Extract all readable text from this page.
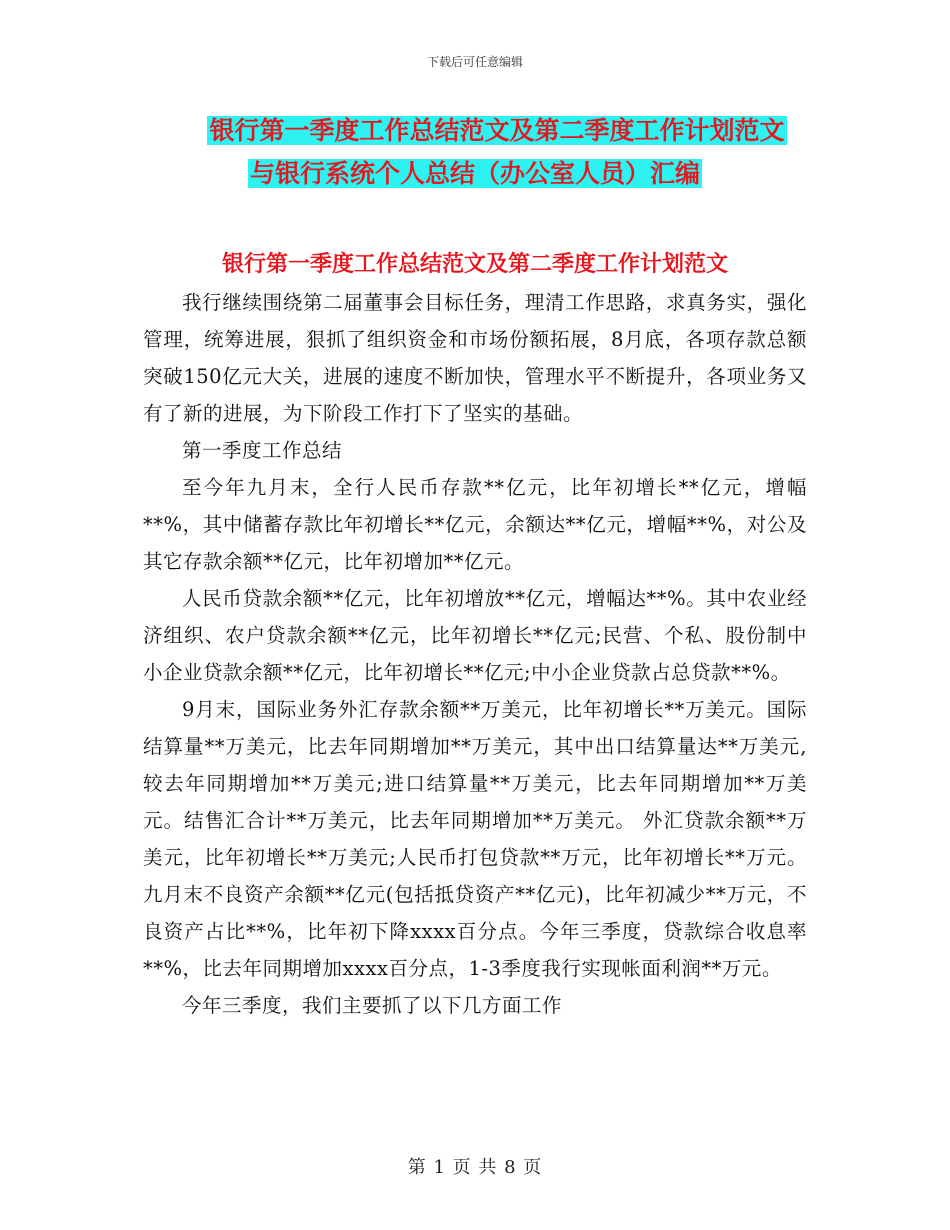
下载后可任意编辑
银行第一季度工作总结范文及第二季度工作计划范文
与银行系统个人总结（办公室人员）汇编
银行第一季度工作总结范文及第二季度工作计划范文

我行继续围绕第二届董事会目标任务，理清工作思路，求真务实，强化管理，统筹进展，狠抓了组织资金和市场份额拓展，8月底，各项存款总额突破150亿元大关，进展的速度不断加快，管理水平不断提升，各项业务又有了新的进展，为下阶段工作打下了坚实的基础。

第一季度工作总结

至今年九月末，全行人民币存款**亿元，比年初增长**亿元，增幅**%，其中储蓄存款比年初增长**亿元，余额达**亿元，增幅**%，对公及其它存款余额**亿元，比年初增加**亿元。

人民币贷款余额**亿元，比年初增放**亿元，增幅达**%。其中农业经济组织、农户贷款余额**亿元，比年初增长**亿元;民营、个私、股份制中小企业贷款余额**亿元，比年初增长**亿元;中小企业贷款占总贷款**%。

9月末，国际业务外汇存款余额**万美元，比年初增长**万美元。国际结算量**万美元，比去年同期增加**万美元，其中出口结算量达**万美元,较去年同期增加**万美元;进口结算量**万美元，比去年同期增加**万美元。结售汇合计**万美元，比去年同期增加**万美元。 外汇贷款余额**万美元，比年初增长**万美元;人民币打包贷款**万元，比年初增长**万元。 九月末不良资产余额**亿元(包括抵贷资产**亿元)，比年初减少**万元，不良资产占比**%，比年初下降xxxx百分点。今年三季度，贷款综合收息率**%，比去年同期增加xxxx百分点，1-3季度我行实现帐面利润**万元。

今年三季度，我们主要抓了以下几方面工作

第 1 页 共 8 页
